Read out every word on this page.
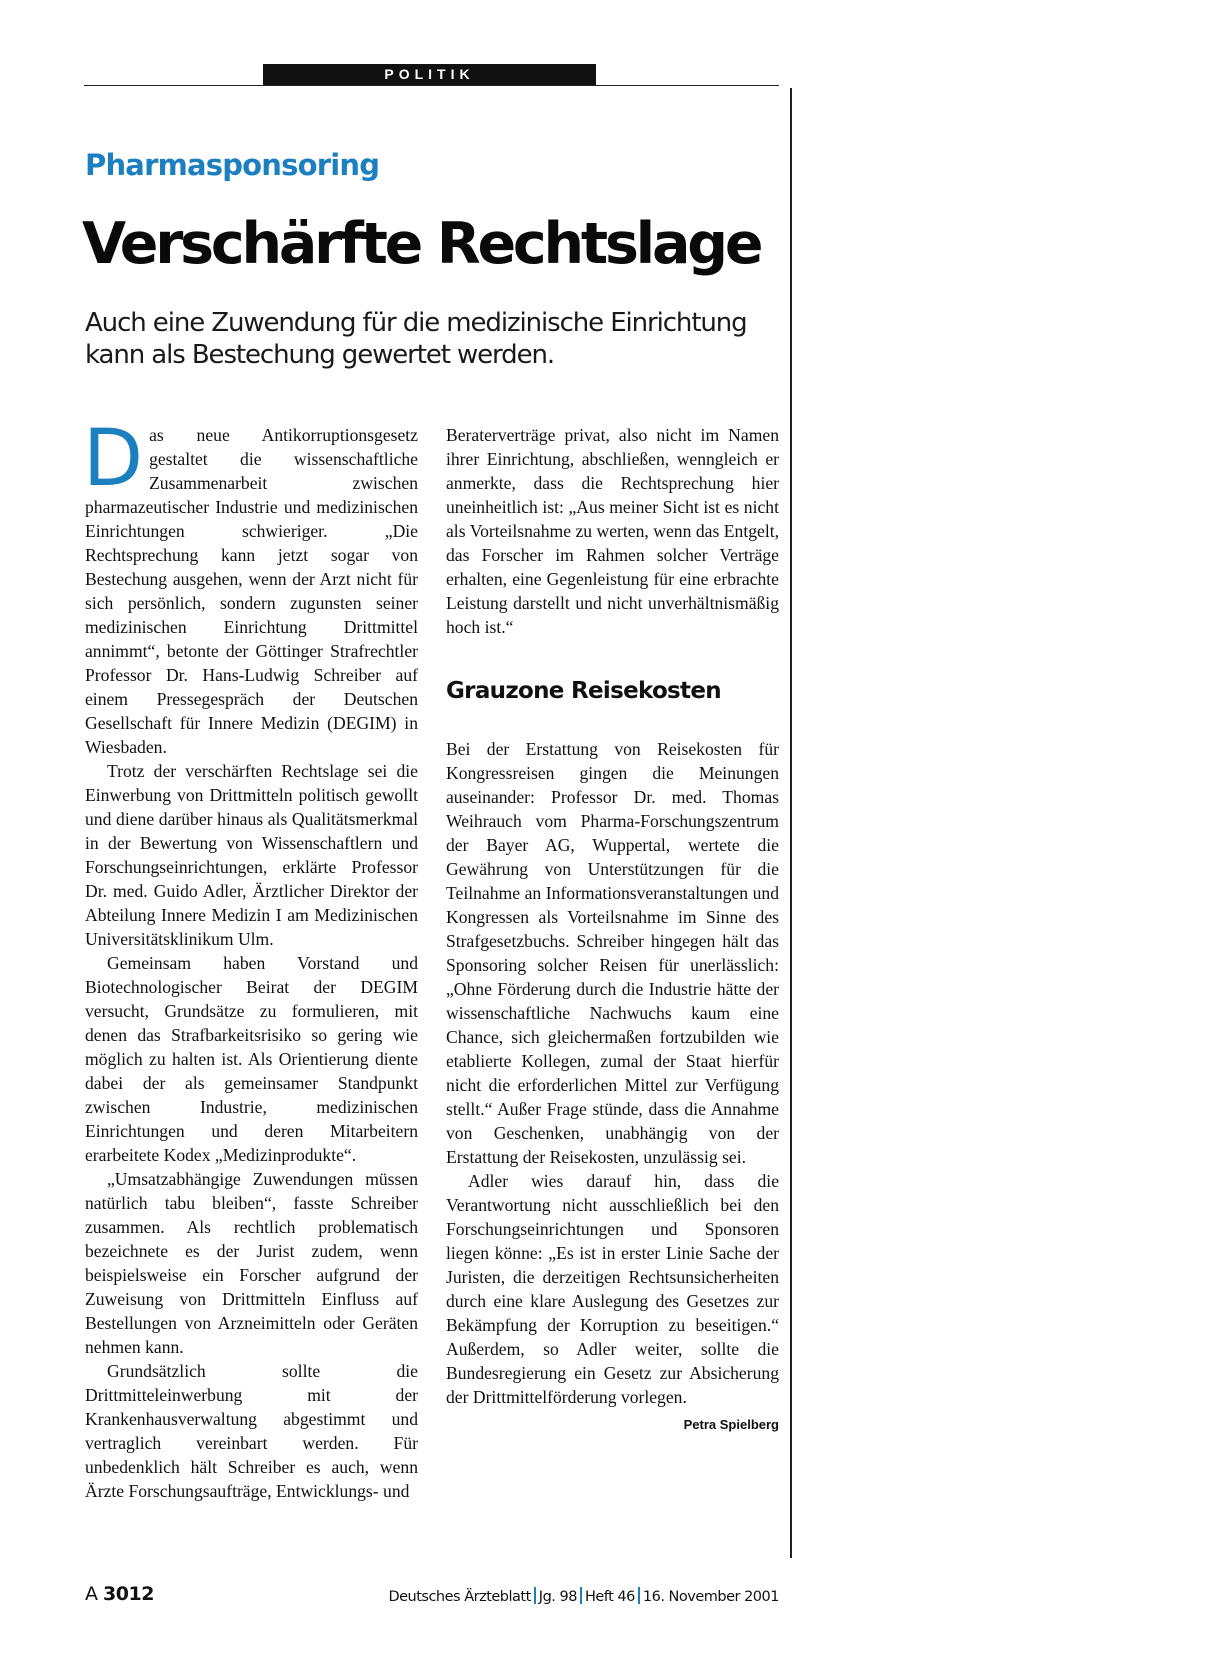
POLITIK
Pharmasponsoring
Verschärfte Rechtslage

Auch eine Zuwendung für die medizinische Einrichtung kann als Bestechung gewertet werden.

Das neue Antikorruptionsgesetz gestaltet die wissenschaftliche Zusammenarbeit zwischen pharmazeutischer Industrie und medizinischen Einrichtungen schwieriger. „Die Rechtsprechung kann jetzt sogar von Bestechung ausgehen, wenn der Arzt nicht für sich persönlich, sondern zugunsten seiner medizinischen Einrichtung Drittmittel annimmt“, betonte der Göttinger Strafrechtler Professor Dr. Hans-Ludwig Schreiber auf einem Pressegespräch der Deutschen Gesellschaft für Innere Medizin (DEGIM) in Wiesbaden.

Trotz der verschärften Rechtslage sei die Einwerbung von Drittmitteln politisch gewollt und diene darüber hinaus als Qualitätsmerkmal in der Bewertung von Wissenschaftlern und Forschungseinrichtungen, erklärte Professor Dr. med. Guido Adler, Ärztlicher Direktor der Abteilung Innere Medizin I am Medizinischen Universitätsklinikum Ulm.

Gemeinsam haben Vorstand und Biotechnologischer Beirat der DEGIM versucht, Grundsätze zu formulieren, mit denen das Strafbarkeitsrisiko so gering wie möglich zu halten ist. Als Orientierung diente dabei der als gemeinsamer Standpunkt zwischen Industrie, medizinischen Einrichtungen und deren Mitarbeitern erarbeitete Kodex „Medizinprodukte“.

„Umsatzabhängige Zuwendungen müssen natürlich tabu bleiben“, fasste Schreiber zusammen. Als rechtlich problematisch bezeichnete es der Jurist zudem, wenn beispielsweise ein Forscher aufgrund der Zuweisung von Drittmitteln Einfluss auf Bestellungen von Arzneimitteln oder Geräten nehmen kann.

Grundsätzlich sollte die Drittmitteleinwerbung mit der Krankenhausverwaltung abgestimmt und vertraglich vereinbart werden. Für unbedenklich hält Schreiber es auch, wenn Ärzte Forschungsaufträge, Entwicklungs- und

Beraterverträge privat, also nicht im Namen ihrer Einrichtung, abschließen, wenngleich er anmerkte, dass die Rechtsprechung hier uneinheitlich ist: „Aus meiner Sicht ist es nicht als Vorteilsnahme zu werten, wenn das Entgelt, das Forscher im Rahmen solcher Verträge erhalten, eine Gegenleistung für eine erbrachte Leistung darstellt und nicht unverhältnismäßig hoch ist.“

Grauzone Reisekosten

Bei der Erstattung von Reisekosten für Kongressreisen gingen die Meinungen auseinander: Professor Dr. med. Thomas Weihrauch vom Pharma-Forschungszentrum der Bayer AG, Wuppertal, wertete die Gewährung von Unterstützungen für die Teilnahme an Informationsveranstaltungen und Kongressen als Vorteilsnahme im Sinne des Strafgesetzbuchs. Schreiber hingegen hält das Sponsoring solcher Reisen für unerlässlich: „Ohne Förderung durch die Industrie hätte der wissenschaftliche Nachwuchs kaum eine Chance, sich gleichermaßen fortzubilden wie etablierte Kollegen, zumal der Staat hierfür nicht die erforderlichen Mittel zur Verfügung stellt.“ Außer Frage stünde, dass die Annahme von Geschenken, unabhängig von der Erstattung der Reisekosten, unzulässig sei.

Adler wies darauf hin, dass die Verantwortung nicht ausschließlich bei den Forschungseinrichtungen und Sponsoren liegen könne: „Es ist in erster Linie Sache der Juristen, die derzeitigen Rechtsunsicherheiten durch eine klare Auslegung des Gesetzes zur Bekämpfung der Korruption zu beseitigen.“ Außerdem, so Adler weiter, sollte die Bundesregierung ein Gesetz zur Absicherung der Drittmittelförderung vorlegen.
Petra Spielberg

A 3012	Deutsches Ärzteblatt Jg. 98 Heft 46 16. November 2001
